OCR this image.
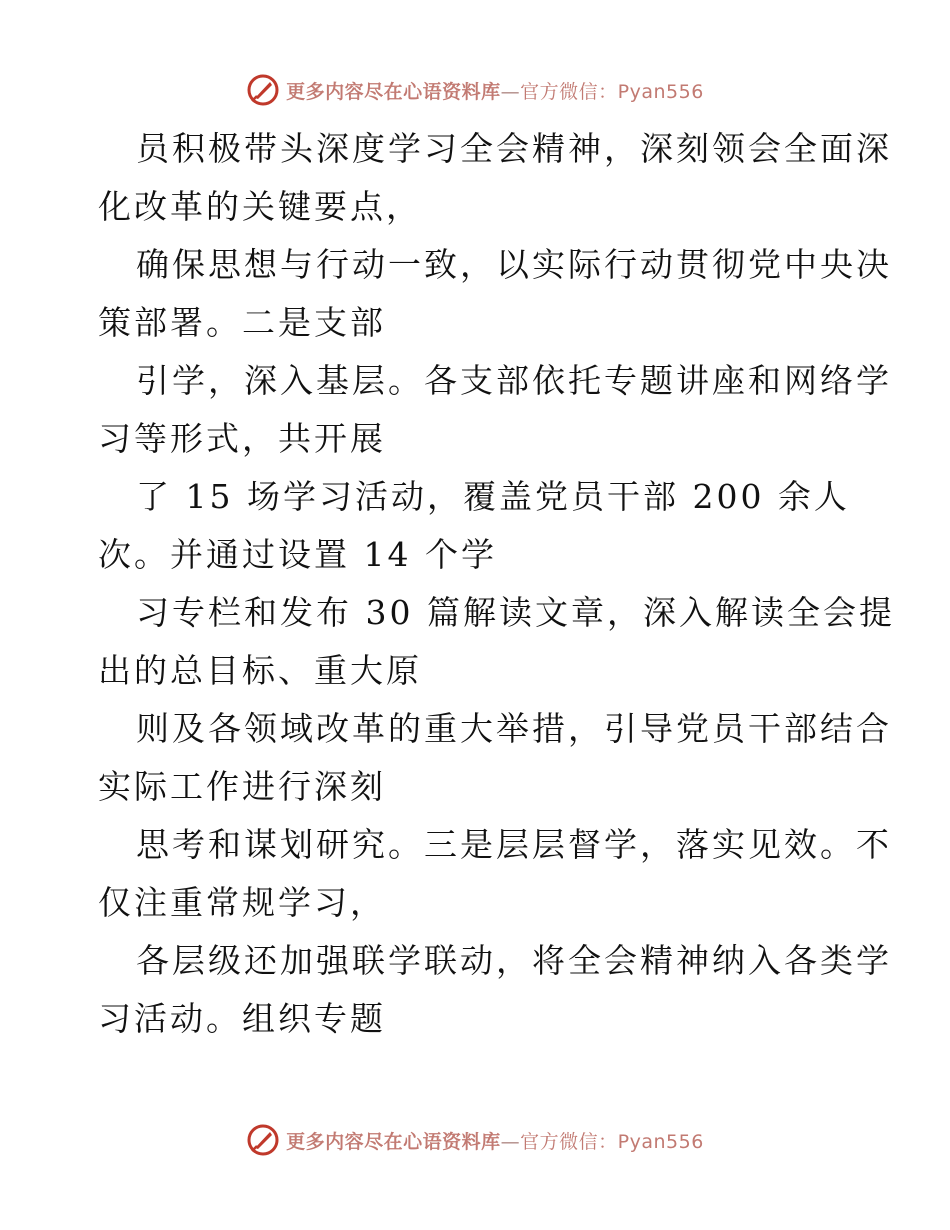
更多内容尽在心语资料库—官方微信：Pyan556

员积极带头深度学习全会精神，深刻领会全面深
化改革的关键要点，

确保思想与行动一致，以实际行动贯彻党中央决
策部署。二是支部

引学，深入基层。各支部依托专题讲座和网络学
习等形式，共开展

了 15 场学习活动，覆盖党员干部 200 余人
次。并通过设置 14 个学

习专栏和发布 30 篇解读文章，深入解读全会提
出的总目标、重大原

则及各领域改革的重大举措，引导党员干部结合
实际工作进行深刻

思考和谋划研究。三是层层督学，落实见效。不
仅注重常规学习，

各层级还加强联学联动，将全会精神纳入各类学
习活动。组织专题

更多内容尽在心语资料库—官方微信：Pyan556
